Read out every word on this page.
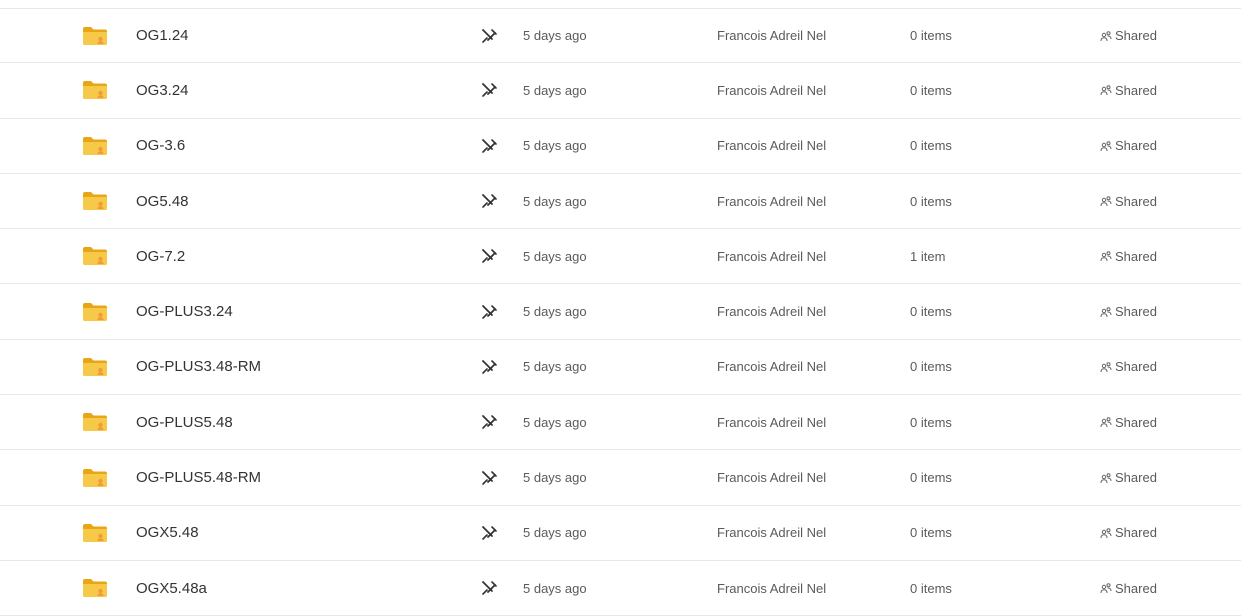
OG1.24	5 days ago	Francois Adreil Nel	0 items	Shared
OG3.24	5 days ago	Francois Adreil Nel	0 items	Shared
OG-3.6	5 days ago	Francois Adreil Nel	0 items	Shared
OG5.48	5 days ago	Francois Adreil Nel	0 items	Shared
OG-7.2	5 days ago	Francois Adreil Nel	1 item	Shared
OG-PLUS3.24	5 days ago	Francois Adreil Nel	0 items	Shared
OG-PLUS3.48-RM	5 days ago	Francois Adreil Nel	0 items	Shared
OG-PLUS5.48	5 days ago	Francois Adreil Nel	0 items	Shared
OG-PLUS5.48-RM	5 days ago	Francois Adreil Nel	0 items	Shared
OGX5.48	5 days ago	Francois Adreil Nel	0 items	Shared
OGX5.48a	5 days ago	Francois Adreil Nel	0 items	Shared
